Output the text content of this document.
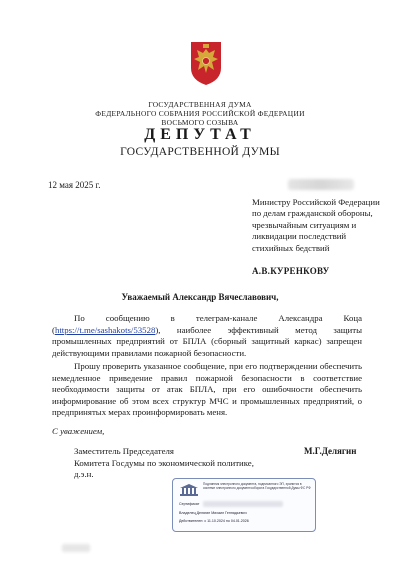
ГОСУДАРСТВЕННАЯ ДУМА
ФЕДЕРАЛЬНОГО СОБРАНИЯ РОССИЙСКОЙ ФЕДЕРАЦИИ
ВОСЬМОГО СОЗЫВА
ДЕПУТАТ
ГОСУДАРСТВЕННОЙ ДУМЫ
12 мая 2025 г.
Министру Российской Федерации по делам гражданской обороны, чрезвычайным ситуациям и ликвидации последствий стихийных бедствий
А.В.КУРЕНКОВУ
Уважаемый Александр Вячеславович,
По сообщению в телеграм-канале Александра Коца (https://t.me/sashakots/53528), наиболее эффективный метод защиты промышленных предприятий от БПЛА (сборный защитный каркас) запрещен действующими правилами пожарной безопасности.
Прошу проверить указанное сообщение, при его подтверждении обеспечить немедленное приведение правил пожарной безопасности в соответствие необходимости защиты от атак БПЛА, при его ошибочности обеспечить информирование об этом всех структур МЧС и промышленных предприятий, о предпринятых мерах проинформировать меня.
С уважением,
Заместитель Председателя
Комитета Госдумы по экономической политике,
д.э.н.
М.Г.Делягин
Подлинник электронного документа, подписанного ЭП, хранится в системе электронного документооборота Государственной Думы ФС РФ
Сертификат
Владелец Делягин Михаил Геннадьевич
Действителен: с 11.10.2024 по 04.01.2026
